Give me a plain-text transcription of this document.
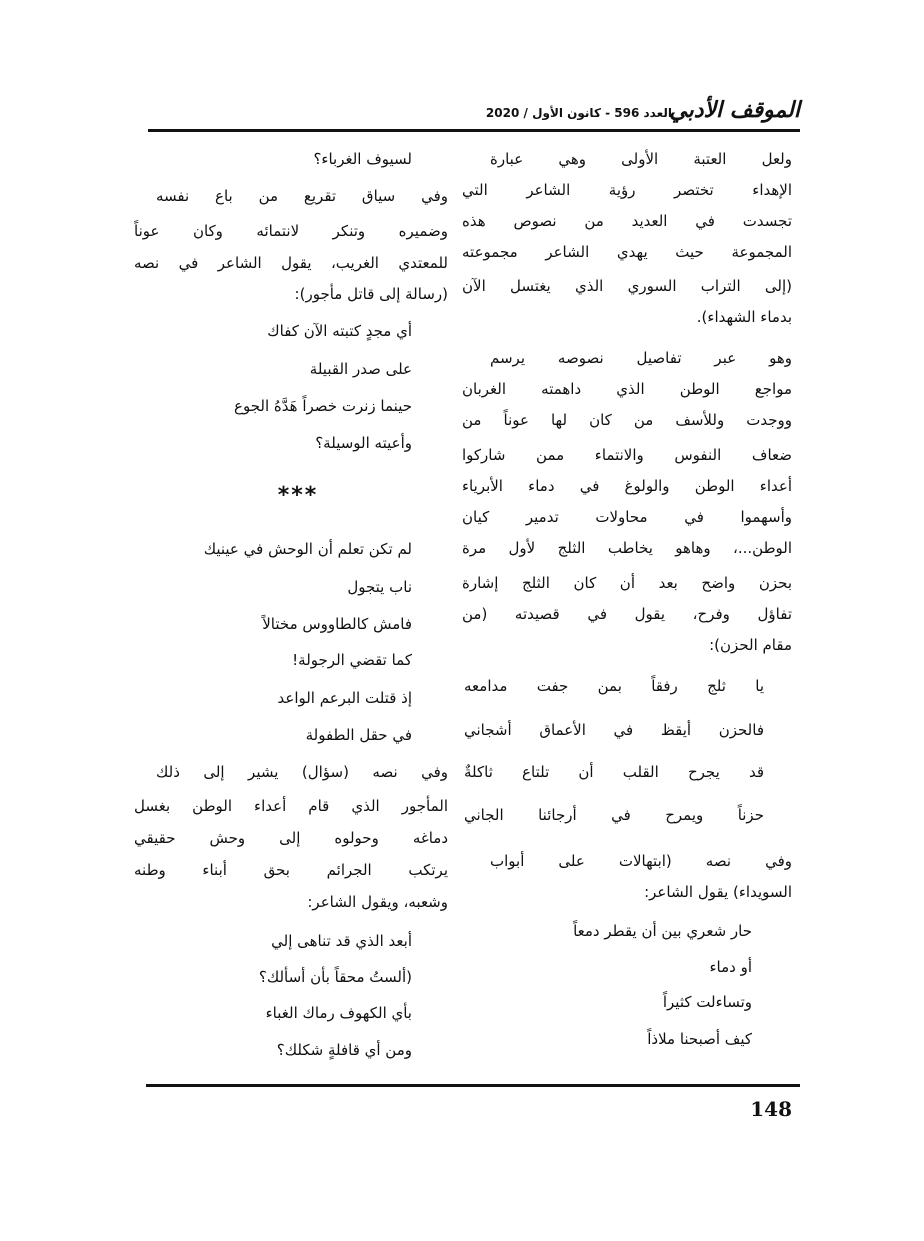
الموقف الأدبي
العدد 596 - كانون الأول / 2020
ولعل العتبة الأولى وهي عبارة
الإهداء تختصر رؤية الشاعر التي
تجسدت في العديد من نصوص هذه
المجموعة حيث يهدي الشاعر مجموعته
(إلى التراب السوري الذي يغتسل الآن
بدماء الشهداء).
وهو عبر تفاصيل نصوصه يرسم
مواجع الوطن الذي داهمته الغربان
ووجدت وللأسف من كان لها عوناً من
ضعاف النفوس والانتماء ممن شاركوا
أعداء الوطن والولوغ في دماء الأبرياء
وأسهموا في محاولات تدمير كيان
الوطن...، وهاهو يخاطب الثلج لأول مرة
بحزن واضح بعد أن كان الثلج إشارة
تفاؤل وفرح، يقول في قصيدته (من
مقام الحزن):
يا ثلج رفقاً بمن جفت مدامعه
فالحزن أيقظ في الأعماق أشجاني
قد يجرح القلب أن تلتاع ثاكلةٌ
حزناً ويمرح في أرجائنا الجاني
وفي نصه (ابتهالات على أبواب
السويداء) يقول الشاعر:
حار شعري بين أن يقطر دمعاً
أو دماء
وتساءلت كثيراً
كيف أصبحنا ملاذاً
لسيوف الغرباء؟
وفي سياق تقريع من باع نفسه
وضميره وتنكر لانتمائه وكان عوناً
للمعتدي الغريب، يقول الشاعر في نصه
(رسالة إلى قاتل مأجور):
أي مجدٍ كتبته الآن كفاك
على صدر القبيلة
حينما زنرت خصراً هَدَّهُ الجوع
وأعيته الوسيلة؟
***
لم تكن تعلم أن الوحش في عينيك
ناب يتجول
فامش كالطاووس مختالاً
كما تقضي الرجولة!
إذ قتلت البرعم الواعد
في حقل الطفولة
وفي نصه (سؤال) يشير إلى ذلك
المأجور الذي قام أعداء الوطن بغسل
دماغه وحولوه إلى وحش حقيقي
يرتكب الجرائم بحق أبناء وطنه
وشعبه، ويقول الشاعر:
أبعد الذي قد تناهى إلي
(ألستُ محقاً بأن أسألك؟
بأي الكهوف رماك الغباء
ومن أي قافلةٍ شكلك؟
148
